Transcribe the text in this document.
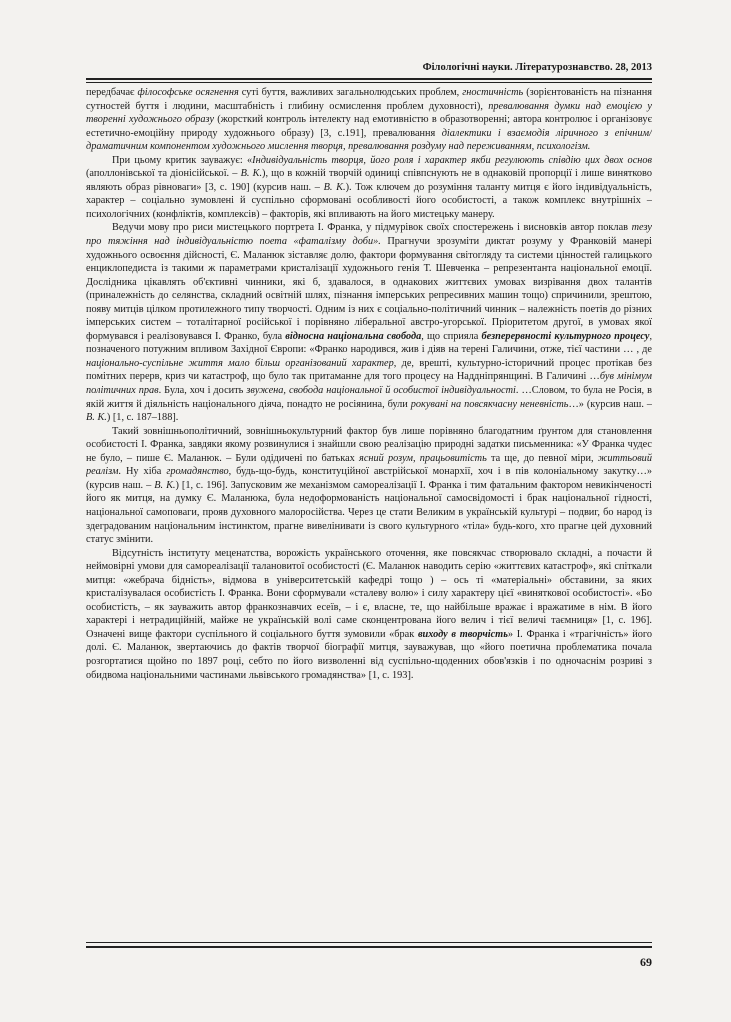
Філологічні науки. Літературознавство. 28, 2013

передбачає філософське осягнення суті буття, важливих загальнолюдських проблем, гностичність (зорієнтованість на пізнання сутностей буття і людини, масштабність і глибину осмислення проблем духовності), превалювання думки над емоцією у творенні художнього образу (жорсткий контроль інтелекту над емотивністю в образотворенні; автора контролює і організовує естетично-емоційну природу художнього образу) [3, с.191], превалювання діалектики і взаємодія ліричного з епічним/драматичним компонентом художнього мислення творця, превалювання роздуму над переживанням, психологізм.

При цьому критик зауважує: «Індивідуальність творця, його роля і характер якби регулюють співдію цих двох основ (аполлонівської та діонісійської. – В. К.), що в кожній творчій одиниці співпснують не в однаковій пропорції і лише винятково являють образ рівноваги» [3, с. 190] (курсив наш. – В. К.). Тож ключем до розуміння таланту митця є його індивідуальність, характер – соціально зумовлені й суспільно сформовані особливості його особистості, а також комплекс внутрішніх – психологічних (конфліктів, комплексів) – факторів, які впливають на його мистецьку манеру.

Ведучи мову про риси мистецького портрета І. Франка, у підмурівок своїх спостережень і висновків автор поклав тезу про тяжіння над індивідуальністю поета «фаталізму доби». Прагнучи зрозуміти диктат розуму у Франковій манері художнього освоєння дійсності, Є. Маланюк зіставляє долю, фактори формування світогляду та системи цінностей галицького енциклопедиста із такими ж параметрами кристалізації художнього генія Т. Шевченка – репрезентанта національної емоції. Дослідника цікавлять об'єктивні чинники, які б, здавалося, в однакових життєвих умовах визрівання двох талантів (приналежність до селянства, складний освітній шлях, пізнання імперських репресивних машин тощо) спричинили, зрештою, появу митців цілком протилежного типу творчості. Одним із них є соціально-політичний чинник – належність поетів до різних імперських систем – тоталітарної російської і порівняно ліберальної австро-угорської. Пріоритетом другої, в умовах якої формувався і реалізовувався І. Франко, була відносна національна свобода, що сприяла безперервності культурного процесу, позначеного потужним впливом Західної Європи: «Франко народився, жив і діяв на терені Галичини, отже, тієї частини … , де національно-суспільне життя мало більш організований характер, де, врешті, культурно-історичний процес протікав без помітних перерв, криз чи катастроф, що було так притаманне для того процесу на Наддніпрянщині. В Галичині …був мінімум політичних прав. Була, хоч і досить звужена, свобода національної й особистої індивідуальності. …Словом, то була не Росія, в якій життя й діяльність національного діяча, понадто не росіянина, були рокувані на повсякчасну неневність…» (курсив наш. – В. К.) [1, с. 187–188].

Такий зовнішньополітичний, зовнішньокультурний фактор був лише порівняно благодатним ґрунтом для становлення особистості І. Франка, завдяки якому розвинулися і знайшли свою реалізацію природні задатки письменника: «У Франка чудес не було, – пише Є. Маланюк. – Були одідичені по батьках ясний розум, працьовитість та ще, до певної міри, життьовий реалізм. Ну хіба громадянство, будь-що-будь, конституційної австрійської монархії, хоч і в пів колоніальному закутку…» (курсив наш. – В. К.) [1, с. 196]. Запусковим же механізмом самореалізації І. Франка і тим фатальним фактором невикінченості його як митця, на думку Є. Маланюка, була недоформованість національної самосвідомості і брак національної гідності, національної самоповаги, прояв духовного малоросійства. Через це стати Великим в українській культурі – подвиг, бо народ із здеградованим національним інстинктом, прагне вивелінивати із свого культурного «тіла» будь-кого, хто прагне цей духовний статус змінити.

Відсутність інституту меценатства, ворожість українського оточення, яке повсякчас створювало складні, а почасти й неймовірні умови для самореалізації талановитої особистості (Є. Маланюк наводить серію «життєвих катастроф», які спіткали митця: «жебрача бідність», відмова в університетській кафедрі тощо ) – ось ті «матеріальні» обставини, за яких кристалізувалася особистість І. Франка. Вони сформували «сталеву волю» і силу характеру цієї «виняткової особистості». «Бо особистість, – як зауважить автор франкознавчих есеїв, – і є, власне, те, що найбільше вражає і вражатиме в нім. В його характері і нетрадиційній, майже не українській волі саме сконцентрована його велич і тієї величі таємниця» [1, с. 196]. Означені вище фактори суспільного й соціального буття зумовили «брак виходу в творчість» І. Франка і «трагічність» його долі. Є. Маланюк, звертаючись до фактів творчої біографії митця, зауважував, що «його поетична проблематика почала розгортатися щойно по 1897 році, себто по його визволенні від суспільно-щоденних обов'язків і по одночаснім розриві з обидвома національними частинами львівського громадянства» [1, с. 193].

69
